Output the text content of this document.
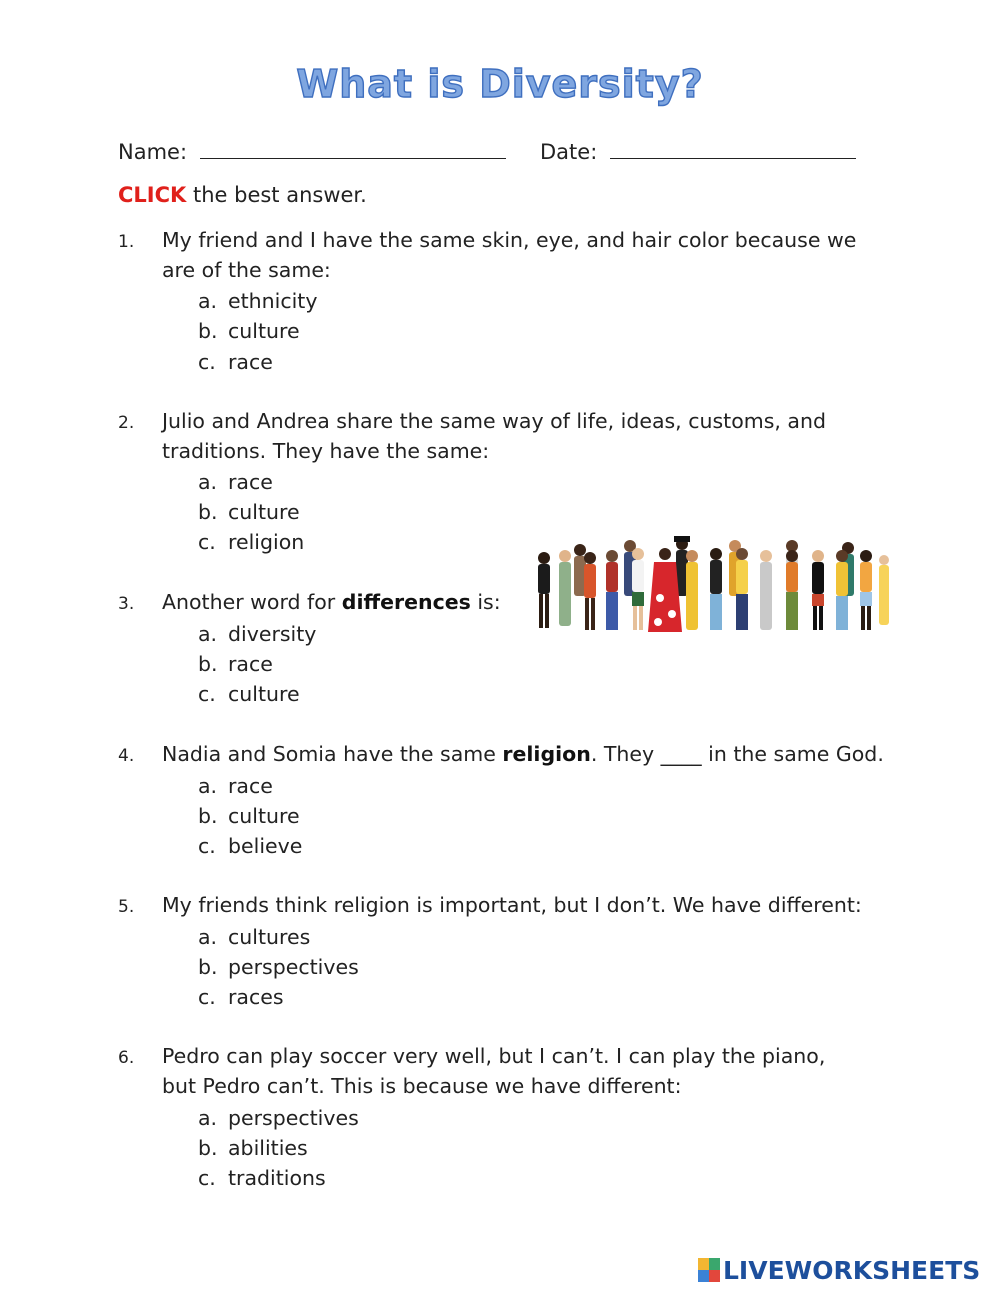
What is Diversity?
Name:	Date:
CLICK the best answer.
1. My friend and I have the same skin, eye, and hair color because we are of the same:
a. ethnicity
b. culture
c. race
2. Julio and Andrea share the same way of life, ideas, customs, and traditions. They have the same:
a. race
b. culture
c. religion
3. Another word for differences is:
a. diversity
b. race
c. culture
4. Nadia and Somia have the same religion. They ____ in the same God.
a. race
b. culture
c. believe
5. My friends think religion is important, but I don’t. We have different:
a. cultures
b. perspectives
c. races
6. Pedro can play soccer very well, but I can’t. I can play the piano, but Pedro can’t. This is because we have different:
a. perspectives
b. abilities
c. traditions
LIVEWORKSHEETS
